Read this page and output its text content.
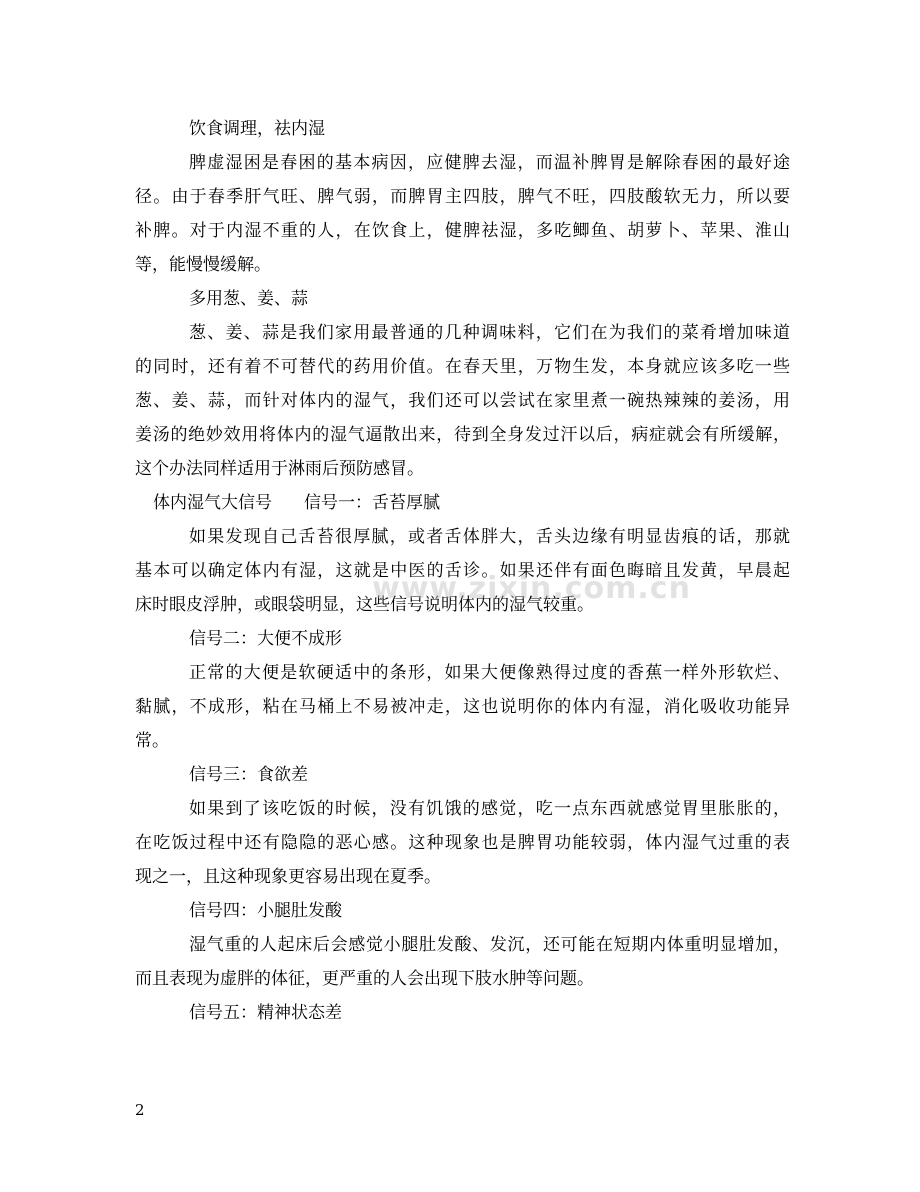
饮食调理，祛内湿
脾虚湿困是春困的基本病因，应健脾去湿，而温补脾胃是解除春困的最好途
径。由于春季肝气旺、脾气弱，而脾胃主四肢，脾气不旺，四肢酸软无力，所以要
补脾。对于内湿不重的人，在饮食上，健脾祛湿，多吃鲫鱼、胡萝卜、苹果、淮山
等，能慢慢缓解。
多用葱、姜、蒜
葱、姜、蒜是我们家用最普通的几种调味料，它们在为我们的菜肴增加味道
的同时，还有着不可替代的药用价值。在春天里，万物生发，本身就应该多吃一些
葱、姜、蒜，而针对体内的湿气，我们还可以尝试在家里煮一碗热辣辣的姜汤，用
姜汤的绝妙效用将体内的湿气逼散出来，待到全身发过汗以后，病症就会有所缓解，
这个办法同样适用于淋雨后预防感冒。
体内湿气大信号 信号一：舌苔厚腻
如果发现自己舌苔很厚腻，或者舌体胖大，舌头边缘有明显齿痕的话，那就
基本可以确定体内有湿，这就是中医的舌诊。如果还伴有面色晦暗且发黄，早晨起
床时眼皮浮肿，或眼袋明显，这些信号说明体内的湿气较重。
信号二：大便不成形
正常的大便是软硬适中的条形，如果大便像熟得过度的香蕉一样外形软烂、
黏腻，不成形，粘在马桶上不易被冲走，这也说明你的体内有湿，消化吸收功能异
常。
信号三：食欲差
如果到了该吃饭的时候，没有饥饿的感觉，吃一点东西就感觉胃里胀胀的，
在吃饭过程中还有隐隐的恶心感。这种现象也是脾胃功能较弱，体内湿气过重的表
现之一，且这种现象更容易出现在夏季。
信号四：小腿肚发酸
湿气重的人起床后会感觉小腿肚发酸、发沉，还可能在短期内体重明显增加，
而且表现为虚胖的体征，更严重的人会出现下肢水肿等问题。
信号五：精神状态差
www.zixin.com.cn
2
